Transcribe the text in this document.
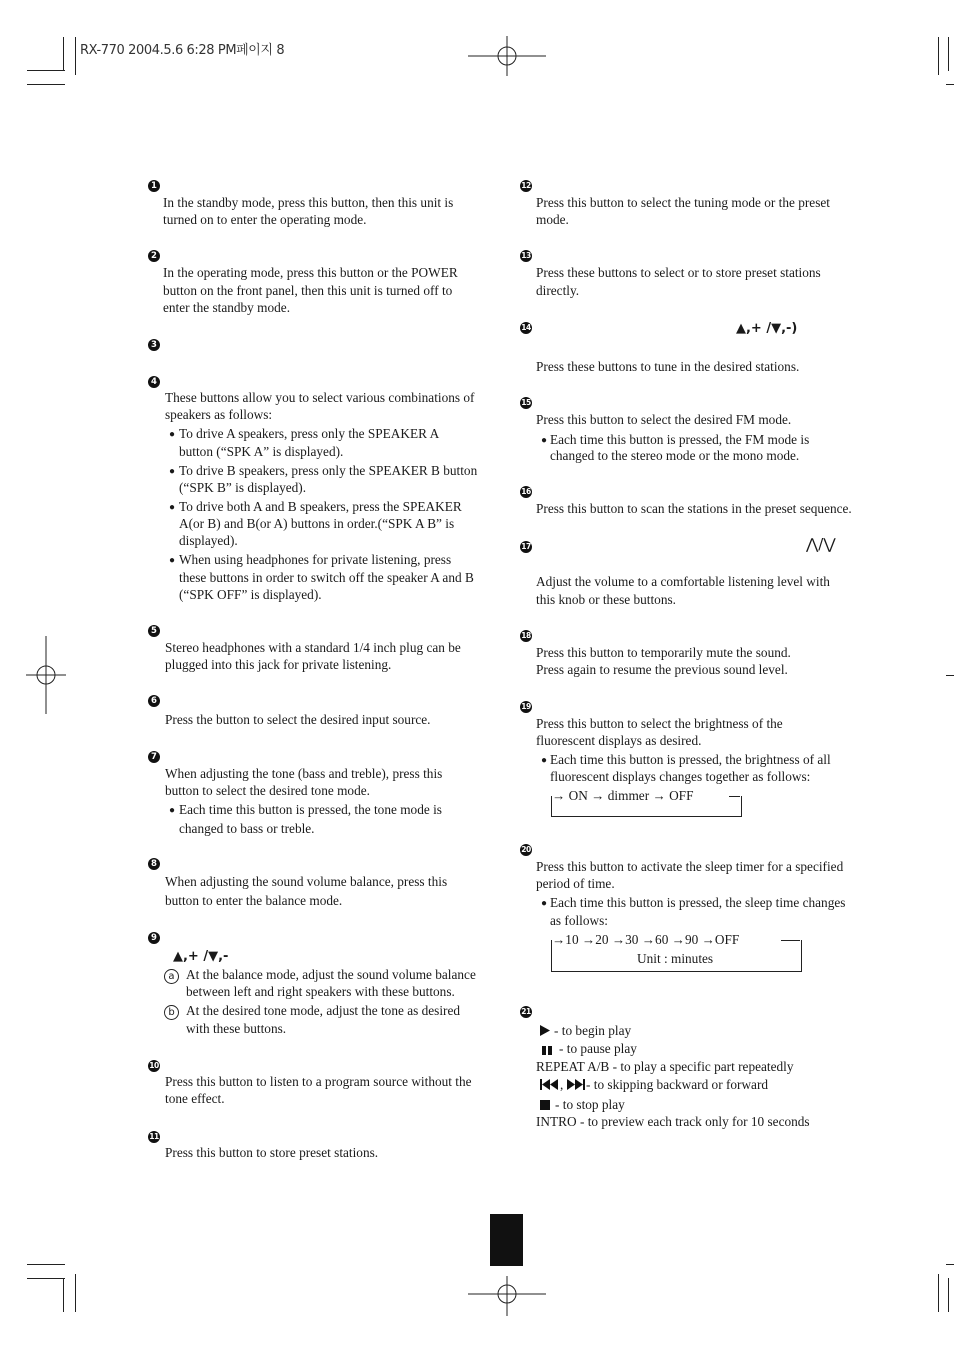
RX-770 2004.5.6 6:28 PM페이지 8
1
In the standby mode, press this button, then this unit is
turned on to enter the operating mode.
2
In the operating mode, press this button or the POWER
button on the front panel, then this unit is turned off to
enter the standby mode.
3
4
These buttons allow you to select various combinations of
speakers as follows:
● To drive A speakers, press only the SPEAKER A
button (“SPK A” is displayed).
● To drive B speakers, press only the SPEAKER B button
(“SPK B” is displayed).
● To drive both A and B speakers, press the SPEAKER
A(or B) and B(or A) buttons in order.(“SPK A B” is
displayed).
● When using headphones for private listening, press
these buttons in order to switch off the speaker A and B
(“SPK OFF” is displayed).
5
Stereo headphones with a standard 1/4 inch plug can be
plugged into this jack for private listening.
6
Press the button to select the desired input source.
7
When adjusting the tone (bass and treble), press this
button to select the desired tone mode.
● Each time this button is pressed, the tone mode is
changed to bass or treble.
8
When adjusting the sound volume balance, press this
button to enter the balance mode.
9
▲,+ /▼,-
a At the balance mode, adjust the sound volume balance
between left and right speakers with these buttons.
b At the desired tone mode, adjust the tone as desired
with these buttons.
10
Press this button to listen to a program source without the
tone effect.
11
Press this button to store preset stations.
12
Press this button to select the tuning mode or the preset
mode.
13
Press these buttons to select or to store preset stations
directly.
14	▲,+ /▼,-)
Press these buttons to tune in the desired stations.
15
Press this button to select the desired FM mode.
● Each time this button is pressed, the FM mode is
changed to the stereo mode or the mono mode.
16
Press this button to scan the stations in the preset sequence.
17	⋀/⋁
Adjust the volume to a comfortable listening level with
this knob or these buttons.
18
Press this button to temporarily mute the sound.
Press again to resume the previous sound level.
19
Press this button to select the brightness of the
fluorescent displays as desired.
● Each time this button is pressed, the brightness of all
fluorescent displays changes together as follows:
→ ON → dimmer → OFF
20
Press this button to activate the sleep timer for a specified
period of time.
● Each time this button is pressed, the sleep time changes
as follows:
→10 →20 →30 →60 →90 →OFF
Unit : minutes
21
- to begin play
- to pause play
REPEAT A/B - to play a specific part repeatedly
, - to skipping backward or forward
- to stop play
INTRO - to preview each track only for 10 seconds
